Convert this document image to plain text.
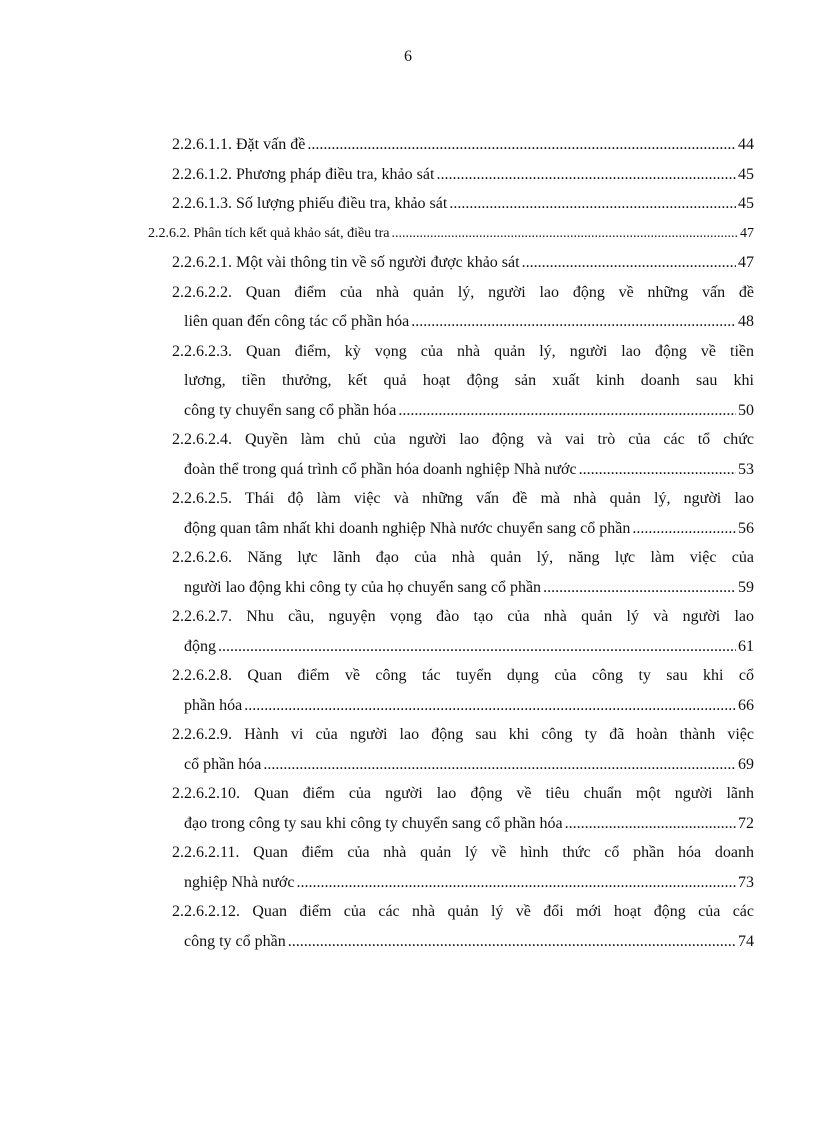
6
2.2.6.1.1. Đặt vấn đề .....	44
2.2.6.1.2. Phương pháp điều tra, khảo sát .....	45
2.2.6.1.3. Số lượng phiếu điều tra, khảo sát .....	45
2.2.6.2. Phân tích kết quả khảo sát, điều tra .....	47
2.2.6.2.1. Một vài thông tin về số người được khảo sát .....	47
2.2.6.2.2. Quan điểm của nhà quản lý, người lao động về những vấn đề
liên quan đến công tác cổ phần hóa .....	48
2.2.6.2.3. Quan điểm, kỳ vọng của nhà quản lý, người lao động về tiền
lương, tiền thưởng, kết quả hoạt động sản xuất kinh doanh sau khi
công ty chuyển sang cổ phần hóa .....	50
2.2.6.2.4. Quyền làm chủ của người lao động và vai trò của các tổ chức
đoàn thể trong quá trình cổ phần hóa doanh nghiệp Nhà nước .....	53
2.2.6.2.5. Thái độ làm việc và những vấn đề mà nhà quản lý, người lao
động quan tâm nhất khi doanh nghiệp Nhà nước chuyển sang cổ phần .....	56
2.2.6.2.6. Năng lực lãnh đạo của nhà quản lý, năng lực làm việc của
người lao động khi công ty của họ chuyển sang cổ phần .....	59
2.2.6.2.7. Nhu cầu, nguyện vọng đào tạo của nhà quản lý và người lao
động .....	61
2.2.6.2.8. Quan điểm về công tác tuyển dụng của công ty sau khi cổ
phần hóa .....	66
2.2.6.2.9. Hành vi của người lao động sau khi công ty đã hoàn thành việc
cổ phần hóa .....	69
2.2.6.2.10. Quan điểm của người lao động về tiêu chuẩn một người lãnh
đạo trong công ty sau khi công ty chuyển sang cổ phần hóa .....	72
2.2.6.2.11. Quan điểm của nhà quản lý về hình thức cổ phần hóa doanh
nghiệp Nhà nước .....	73
2.2.6.2.12. Quan điểm của các nhà quản lý về đổi mới hoạt động của các
công ty cổ phần .....	74
